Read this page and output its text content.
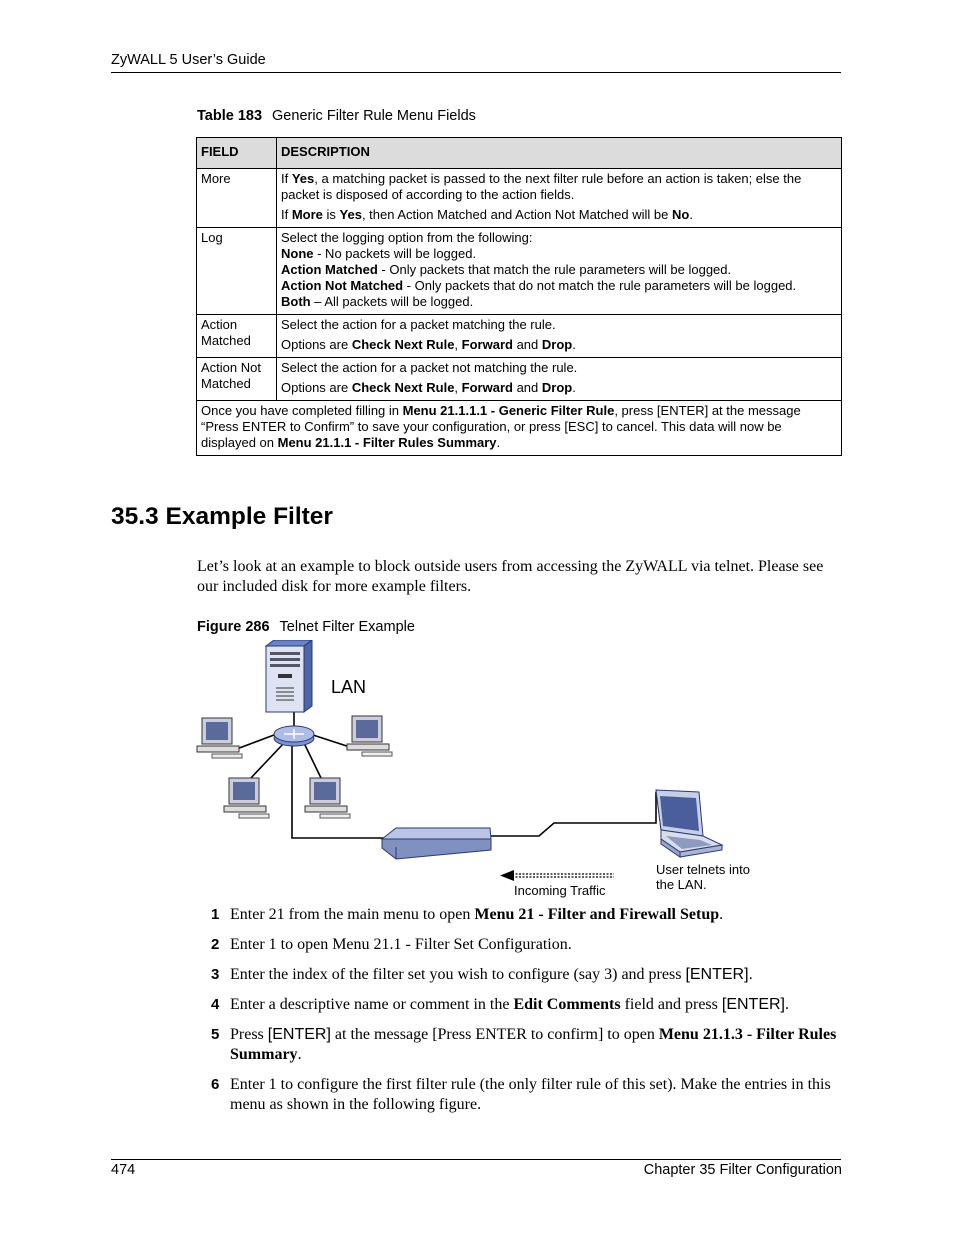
ZyWALL 5 User’s Guide
Table 183 Generic Filter Rule Menu Fields
FIELD	DESCRIPTION
More	If Yes, a matching packet is passed to the next filter rule before an action is taken; else the packet is disposed of according to the action fields.

If More is Yes, then Action Matched and Action Not Matched will be No.

Log	Select the logging option from the following:
None - No packets will be logged.
Action Matched - Only packets that match the rule parameters will be logged.
Action Not Matched - Only packets that do not match the rule parameters will be logged.
Both – All packets will be logged.

Action Matched	Select the action for a packet matching the rule.

Options are Check Next Rule, Forward and Drop.

Action Not Matched	Select the action for a packet not matching the rule.

Options are Check Next Rule, Forward and Drop.

Once you have completed filling in Menu 21.1.1.1 - Generic Filter Rule, press [ENTER] at the message “Press ENTER to Confirm” to save your configuration, or press [ESC] to cancel. This data will now be displayed on Menu 21.1.1 - Filter Rules Summary.	
35.3 Example Filter

Let’s look at an example to block outside users from accessing the ZyWALL via telnet. Please see our included disk for more example filters.

Figure 286 Telnet Filter Example
LAN
Incoming Traffic
User telnets into
the LAN.
1 Enter 21 from the main menu to open Menu 21 - Filter and Firewall Setup.
2 Enter 1 to open Menu 21.1 - Filter Set Configuration.
3 Enter the index of the filter set you wish to configure (say 3) and press [ENTER].
4 Enter a descriptive name or comment in the Edit Comments field and press [ENTER].
5 Press [ENTER] at the message [Press ENTER to confirm] to open Menu 21.1.3 - Filter Rules Summary.
6 Enter 1 to configure the first filter rule (the only filter rule of this set). Make the entries in this menu as shown in the following figure.
474	Chapter 35 Filter Configuration
